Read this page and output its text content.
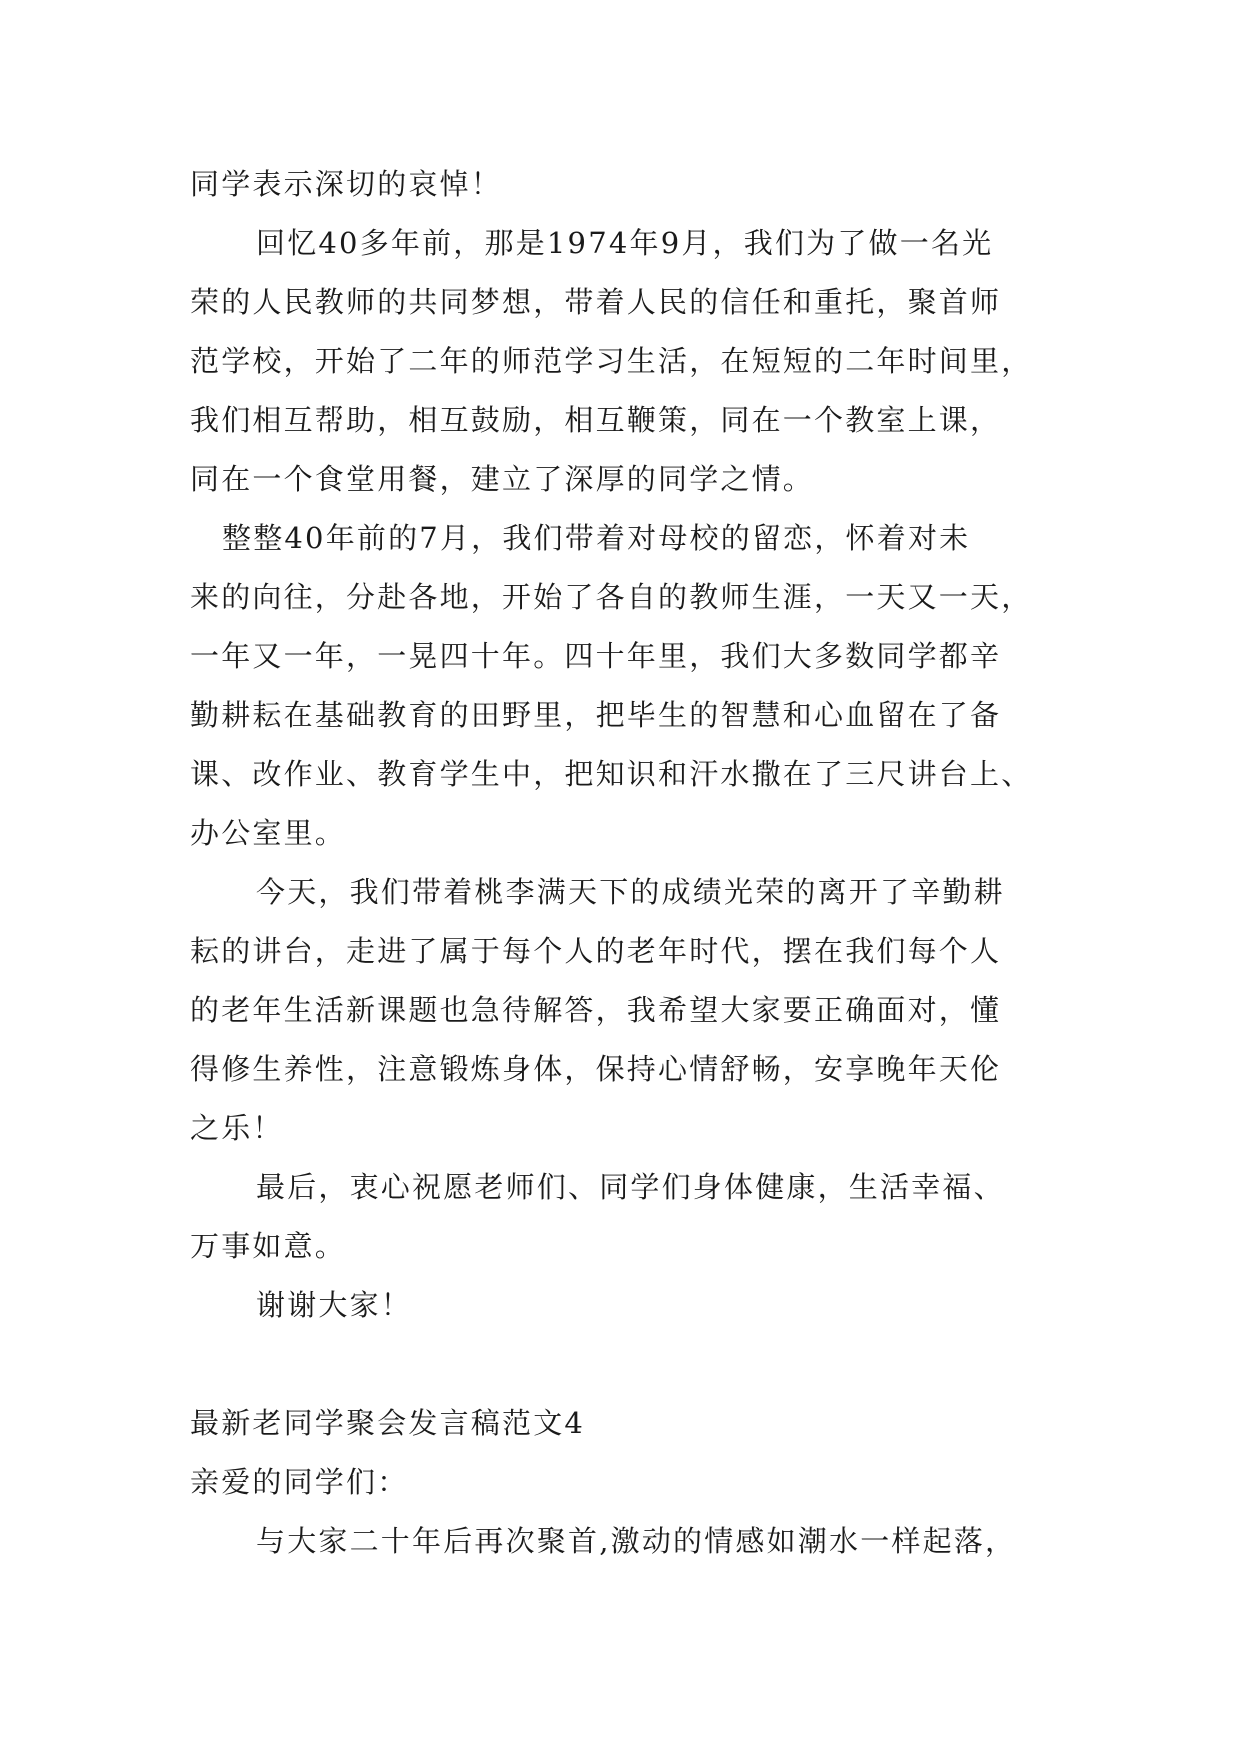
同学表示深切的哀悼！
回忆40多年前，那是1974年9月，我们为了做一名光
荣的人民教师的共同梦想，带着人民的信任和重托，聚首师
范学校，开始了二年的师范学习生活，在短短的二年时间里，
我们相互帮助，相互鼓励，相互鞭策，同在一个教室上课，
同在一个食堂用餐，建立了深厚的同学之情。
整整40年前的7月，我们带着对母校的留恋，怀着对未
来的向往，分赴各地，开始了各自的教师生涯，一天又一天，
一年又一年，一晃四十年。四十年里，我们大多数同学都辛
勤耕耘在基础教育的田野里，把毕生的智慧和心血留在了备
课、改作业、教育学生中，把知识和汗水撒在了三尺讲台上、
办公室里。
今天，我们带着桃李满天下的成绩光荣的离开了辛勤耕
耘的讲台，走进了属于每个人的老年时代，摆在我们每个人
的老年生活新课题也急待解答，我希望大家要正确面对，懂
得修生养性，注意锻炼身体，保持心情舒畅，安享晚年天伦
之乐！
最后，衷心祝愿老师们、同学们身体健康，生活幸福、
万事如意。
谢谢大家！
最新老同学聚会发言稿范文4
亲爱的同学们：
与大家二十年后再次聚首,激动的情感如潮水一样起落，
